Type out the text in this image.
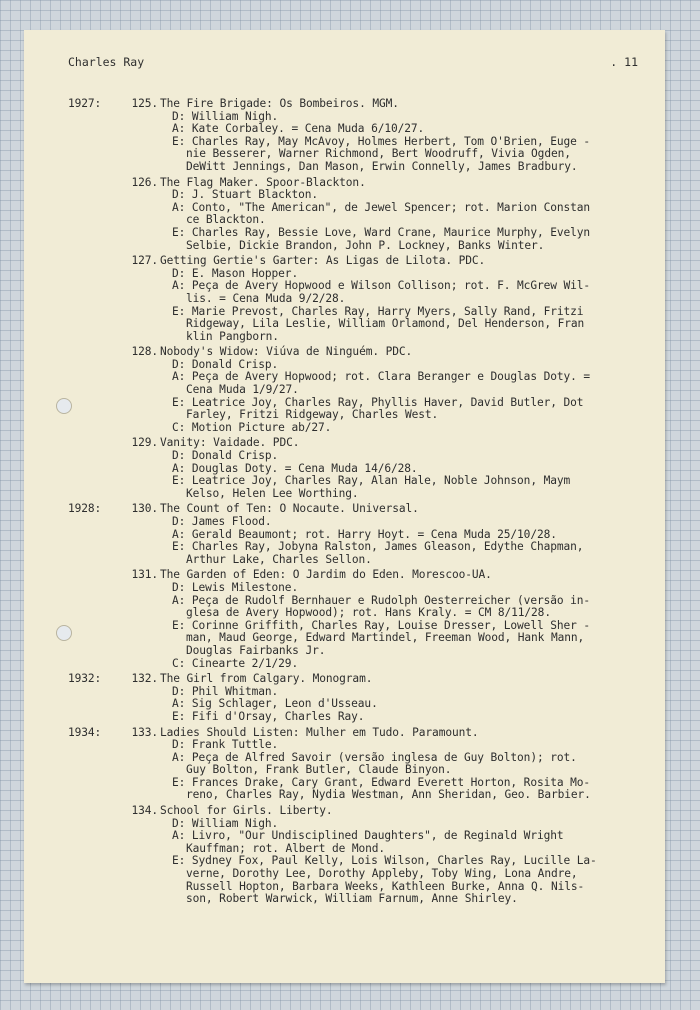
Charles Ray	. 11
1927:	125. The Fire Brigade: Os Bombeiros. MGM.
D: William Nigh.
A: Kate Corbaley. = Cena Muda 6/10/27.
E: Charles Ray, May McAvoy, Holmes Herbert, Tom O'Brien, Euge -
nie Besserer, Warner Richmond, Bert Woodruff, Vivia Ogden,
DeWitt Jennings, Dan Mason, Erwin Connelly, James Bradbury.
126. The Flag Maker. Spoor-Blackton.
D: J. Stuart Blackton.
A: Conto, "The American", de Jewel Spencer; rot. Marion Constan
ce Blackton.
E: Charles Ray, Bessie Love, Ward Crane, Maurice Murphy, Evelyn
Selbie, Dickie Brandon, John P. Lockney, Banks Winter.
127. Getting Gertie's Garter: As Ligas de Lilota. PDC.
D: E. Mason Hopper.
A: Peça de Avery Hopwood e Wilson Collison; rot. F. McGrew Wil-
lis. = Cena Muda 9/2/28.
E: Marie Prevost, Charles Ray, Harry Myers, Sally Rand, Fritzi
Ridgeway, Lila Leslie, William Orlamond, Del Henderson, Fran
klin Pangborn.
128. Nobody's Widow: Viúva de Ninguém. PDC.
D: Donald Crisp.
A: Peça de Avery Hopwood; rot. Clara Beranger e Douglas Doty. =
Cena Muda 1/9/27.
E: Leatrice Joy, Charles Ray, Phyllis Haver, David Butler, Dot
Farley, Fritzi Ridgeway, Charles West.
C: Motion Picture ab/27.
129. Vanity: Vaidade. PDC.
D: Donald Crisp.
A: Douglas Doty. = Cena Muda 14/6/28.
E: Leatrice Joy, Charles Ray, Alan Hale, Noble Johnson, Maym
Kelso, Helen Lee Worthing.
1928:	130. The Count of Ten: O Nocaute. Universal.
D: James Flood.
A: Gerald Beaumont; rot. Harry Hoyt. = Cena Muda 25/10/28.
E: Charles Ray, Jobyna Ralston, James Gleason, Edythe Chapman,
Arthur Lake, Charles Sellon.
131. The Garden of Eden: O Jardim do Eden. Morescoo-UA.
D: Lewis Milestone.
A: Peça de Rudolf Bernhauer e Rudolph Oesterreicher (versão in-
glesa de Avery Hopwood); rot. Hans Kraly. = CM 8/11/28.
E: Corinne Griffith, Charles Ray, Louise Dresser, Lowell Sher -
man, Maud George, Edward Martindel, Freeman Wood, Hank Mann,
Douglas Fairbanks Jr.
C: Cinearte 2/1/29.
1932:	132. The Girl from Calgary. Monogram.
D: Phil Whitman.
A: Sig Schlager, Leon d'Usseau.
E: Fifi d'Orsay, Charles Ray.
1934:	133. Ladies Should Listen: Mulher em Tudo. Paramount.
D: Frank Tuttle.
A: Peça de Alfred Savoir (versão inglesa de Guy Bolton); rot.
Guy Bolton, Frank Butler, Claude Binyon.
E: Frances Drake, Cary Grant, Edward Everett Horton, Rosita Mo-
reno, Charles Ray, Nydia Westman, Ann Sheridan, Geo. Barbier.
134. School for Girls. Liberty.
D: William Nigh.
A: Livro, "Our Undisciplined Daughters", de Reginald Wright
Kauffman; rot. Albert de Mond.
E: Sydney Fox, Paul Kelly, Lois Wilson, Charles Ray, Lucille La-
verne, Dorothy Lee, Dorothy Appleby, Toby Wing, Lona Andre,
Russell Hopton, Barbara Weeks, Kathleen Burke, Anna Q. Nils-
son, Robert Warwick, William Farnum, Anne Shirley.
